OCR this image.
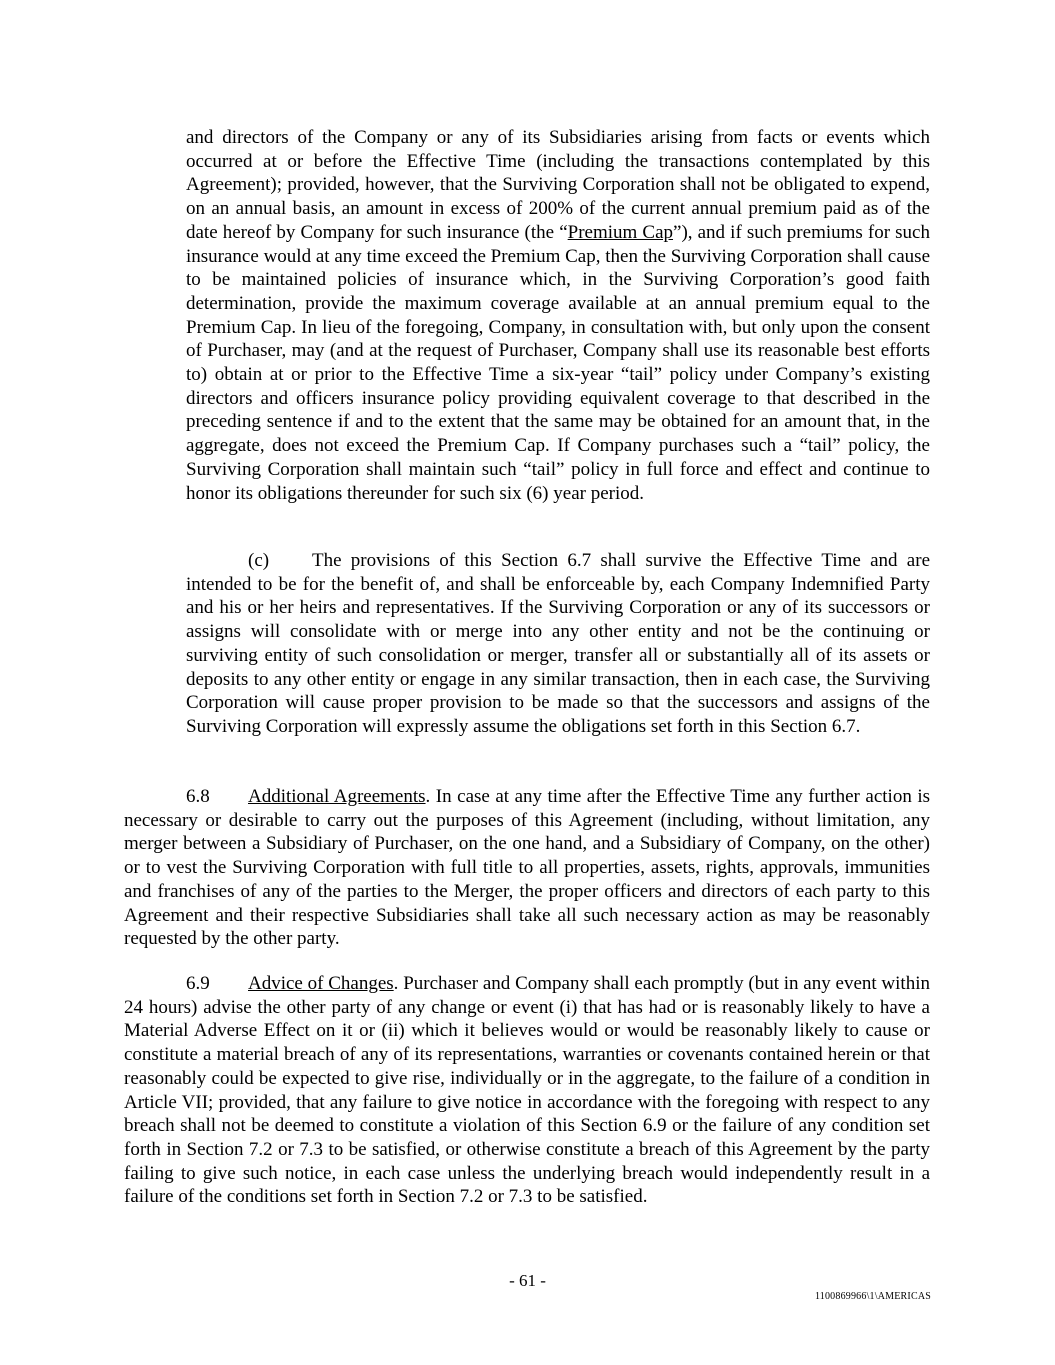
and directors of the Company or any of its Subsidiaries arising from facts or events which occurred at or before the Effective Time (including the transactions contemplated by this Agreement); provided, however, that the Surviving Corporation shall not be obligated to expend, on an annual basis, an amount in excess of 200% of the current annual premium paid as of the date hereof by Company for such insurance (the “Premium Cap”), and if such premiums for such insurance would at any time exceed the Premium Cap, then the Surviving Corporation shall cause to be maintained policies of insurance which, in the Surviving Corporation’s good faith determination, provide the maximum coverage available at an annual premium equal to the Premium Cap. In lieu of the foregoing, Company, in consultation with, but only upon the consent of Purchaser, may (and at the request of Purchaser, Company shall use its reasonable best efforts to) obtain at or prior to the Effective Time a six-year “tail” policy under Company’s existing directors and officers insurance policy providing equivalent coverage to that described in the preceding sentence if and to the extent that the same may be obtained for an amount that, in the aggregate, does not exceed the Premium Cap. If Company purchases such a “tail” policy, the Surviving Corporation shall maintain such “tail” policy in full force and effect and continue to honor its obligations thereunder for such six (6) year period.

(c) The provisions of this Section 6.7 shall survive the Effective Time and are intended to be for the benefit of, and shall be enforceable by, each Company Indemnified Party and his or her heirs and representatives. If the Surviving Corporation or any of its successors or assigns will consolidate with or merge into any other entity and not be the continuing or surviving entity of such consolidation or merger, transfer all or substantially all of its assets or deposits to any other entity or engage in any similar transaction, then in each case, the Surviving Corporation will cause proper provision to be made so that the successors and assigns of the Surviving Corporation will expressly assume the obligations set forth in this Section 6.7.

6.8 Additional Agreements. In case at any time after the Effective Time any further action is necessary or desirable to carry out the purposes of this Agreement (including, without limitation, any merger between a Subsidiary of Purchaser, on the one hand, and a Subsidiary of Company, on the other) or to vest the Surviving Corporation with full title to all properties, assets, rights, approvals, immunities and franchises of any of the parties to the Merger, the proper officers and directors of each party to this Agreement and their respective Subsidiaries shall take all such necessary action as may be reasonably requested by the other party.

6.9 Advice of Changes. Purchaser and Company shall each promptly (but in any event within 24 hours) advise the other party of any change or event (i) that has had or is reasonably likely to have a Material Adverse Effect on it or (ii) which it believes would or would be reasonably likely to cause or constitute a material breach of any of its representations, warranties or covenants contained herein or that reasonably could be expected to give rise, individually or in the aggregate, to the failure of a condition in Article VII; provided, that any failure to give notice in accordance with the foregoing with respect to any breach shall not be deemed to constitute a violation of this Section 6.9 or the failure of any condition set forth in Section 7.2 or 7.3 to be satisfied, or otherwise constitute a breach of this Agreement by the party failing to give such notice, in each case unless the underlying breach would independently result in a failure of the conditions set forth in Section 7.2 or 7.3 to be satisfied.

- 61 -
1100869966\1\AMERICAS
